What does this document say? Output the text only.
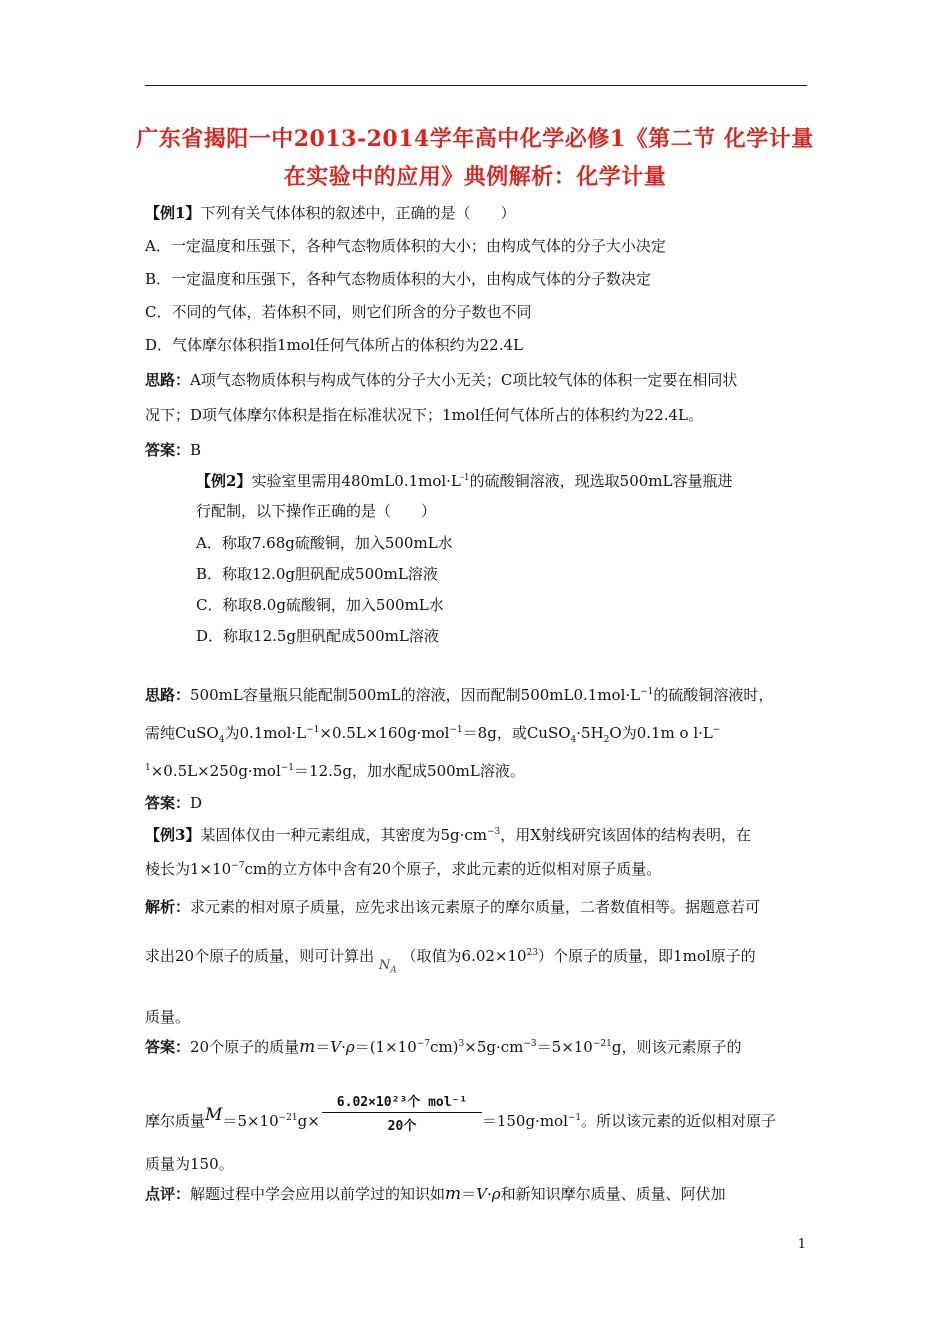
广东省揭阳一中2013-2014学年高中化学必修1《第二节 化学计量
在实验中的应用》典例解析：化学计量
【例1】下列有关气体体积的叙述中，正确的是（　　）
A．一定温度和压强下，各种气态物质体积的大小；由构成气体的分子大小决定
B．一定温度和压强下，各种气态物质体积的大小，由构成气体的分子数决定
C．不同的气体，若体积不同，则它们所含的分子数也不同
D．气体摩尔体积指1mol任何气体所占的体积约为22.4L
思路：A项气态物质体积与构成气体的分子大小无关；C项比较气体的体积一定要在相同状
况下；D项气体摩尔体积是指在标准状况下；1mol任何气体所占的体积约为22.4L。
答案：B
【例2】实验室里需用$480mL0.1mol\cdot L^{-1}$的硫酸铜溶液，现选取500mL容量瓶进
行配制，以下操作正确的是（　　）
A．称取7.68g硫酸铜，加入500mL水
B．称取12.0g胆矾配成500mL溶液
C．称取8.0g硫酸铜，加入500mL水
D．称取12.5g胆矾配成500mL溶液
思路：500mL容量瓶只能配制500mL的溶液，因而配制$500mL0.1mol\cdot L^{-1}$的硫酸铜溶液时，
需纯CuSO$_4$为$0.1mol\cdot L^{-1}\times 0.5L\times 160g\cdot mol^{-1}=8g$，或$CuSO_4\cdot 5H_2O$为0.1m o l·L−
$^1$×0.5L×250g·mol$^{-1}$＝12.5g，加水配成500mL溶液。
答案：D
【例3】某固体仅由一种元素组成，其密度为$5g\cdot cm^{-3}$，用X射线研究该固体的结构表明，在
棱长为$1\times 10^{-7}cm$的立方体中含有20个原子，求此元素的近似相对原子质量。
解析：求元素的相对原子质量，应先求出该元素原子的摩尔质量，二者数值相等。据题意若可
求出20个原子的质量，则可计算出 $N_A$ （取值为$6.02\times 10^{23}$）个原子的质量，即1mol原子的
质量。
答案：20个原子的质量$m=V\cdot\rho=(1\times 10^{-7}cm)^3\times 5g\cdot cm^{-3}=5\times 10^{-21}g$，则该元素原子的
6.02×10²³个 mol⁻¹
20个
摩尔质量$M=5\times 10^{-21}g\times$	＝150g·mol$^{-1}$。所以该元素的近似相对原子
质量为150。
点评：解题过程中学会应用以前学过的知识如m＝V·ρ和新知识摩尔质量、质量、阿伏加
1
